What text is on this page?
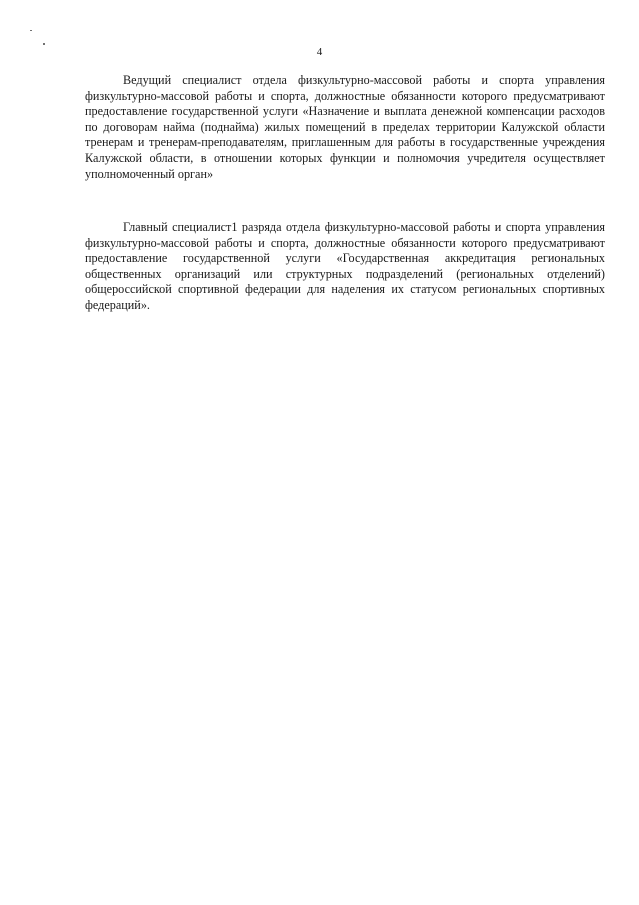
4

Ведущий специалист отдела физкультурно-массовой работы и спорта управления физкультурно-массовой работы и спорта, должностные обязанности которого предусматривают предоставление государственной услуги «Назначение и выплата денежной компенсации расходов по договорам найма (поднайма) жилых помещений в пределах территории Калужской области тренерам и тренерам-преподавателям, приглашенным для работы в государственные учреждения Калужской области, в отношении которых функции и полномочия учредителя осуществляет уполномоченный орган»

Главный специалист1 разряда отдела физкультурно-массовой работы и спорта управления физкультурно-массовой работы и спорта, должностные обязанности которого предусматривают предоставление государственной услуги «Государственная аккредитация региональных общественных организаций или структурных подразделений (региональных отделений) общероссийской спортивной федерации для наделения их статусом региональных спортивных федераций».
